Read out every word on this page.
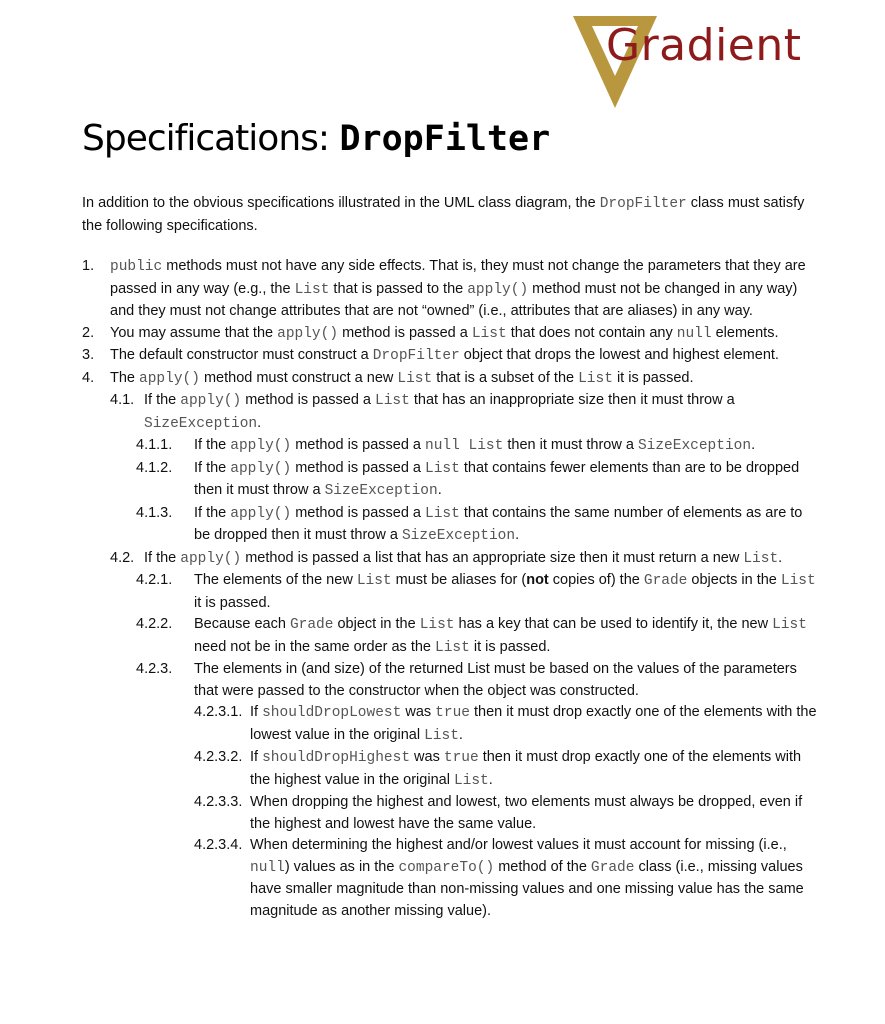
Gradient
Specifications: DropFilter
In addition to the obvious specifications illustrated in the UML class diagram, the DropFilter class must satisfy the following specifications.
1. public methods must not have any side effects. That is, they must not change the parameters that they are passed in any way (e.g., the List that is passed to the apply() method must not be changed in any way) and they must not change attributes that are not “owned” (i.e., attributes that are aliases) in any way.
2. You may assume that the apply() method is passed a List that does not contain any null elements.
3. The default constructor must construct a DropFilter object that drops the lowest and highest element.
4. The apply() method must construct a new List that is a subset of the List it is passed.
4.1. If the apply() method is passed a List that has an inappropriate size then it must throw a SizeException.
4.1.1. If the apply() method is passed a null List then it must throw a SizeException.
4.1.2. If the apply() method is passed a List that contains fewer elements than are to be dropped then it must throw a SizeException.
4.1.3. If the apply() method is passed a List that contains the same number of elements as are to be dropped then it must throw a SizeException.
4.2. If the apply() method is passed a list that has an appropriate size then it must return a new List.
4.2.1. The elements of the new List must be aliases for (not copies of) the Grade objects in the List it is passed.
4.2.2. Because each Grade object in the List has a key that can be used to identify it, the new List need not be in the same order as the List it is passed.
4.2.3. The elements in (and size) of the returned List must be based on the values of the parameters that were passed to the constructor when the object was constructed.
4.2.3.1. If shouldDropLowest was true then it must drop exactly one of the elements with the lowest value in the original List.
4.2.3.2. If shouldDropHighest was true then it must drop exactly one of the elements with the highest value in the original List.
4.2.3.3. When dropping the highest and lowest, two elements must always be dropped, even if the highest and lowest have the same value.
4.2.3.4. When determining the highest and/or lowest values it must account for missing (i.e., null) values as in the compareTo() method of the Grade class (i.e., missing values have smaller magnitude than non-missing values and one missing value has the same magnitude as another missing value).
